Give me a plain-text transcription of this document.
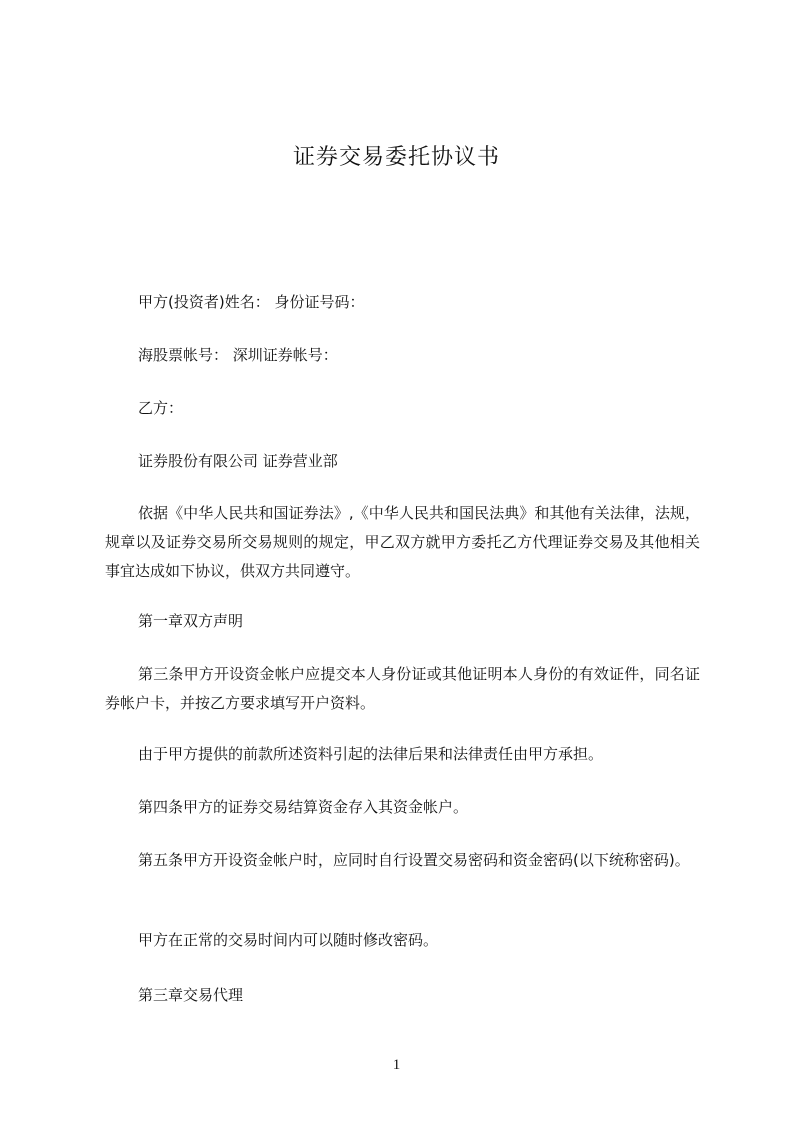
证券交易委托协议书
甲方(投资者)姓名： 身份证号码：
海股票帐号： 深圳证券帐号：
乙方：
证券股份有限公司 证券营业部
依据《中华人民共和国证券法》,《中华人民共和国民法典》和其他有关法律，法规，规章以及证券交易所交易规则的规定，甲乙双方就甲方委托乙方代理证券交易及其他相关事宜达成如下协议，供双方共同遵守。
第一章双方声明
第三条甲方开设资金帐户应提交本人身份证或其他证明本人身份的有效证件，同名证券帐户卡，并按乙方要求填写开户资料。
由于甲方提供的前款所述资料引起的法律后果和法律责任由甲方承担。
第四条甲方的证券交易结算资金存入其资金帐户。
第五条甲方开设资金帐户时，应同时自行设置交易密码和资金密码(以下统称密码)。
甲方在正常的交易时间内可以随时修改密码。
第三章交易代理
1
